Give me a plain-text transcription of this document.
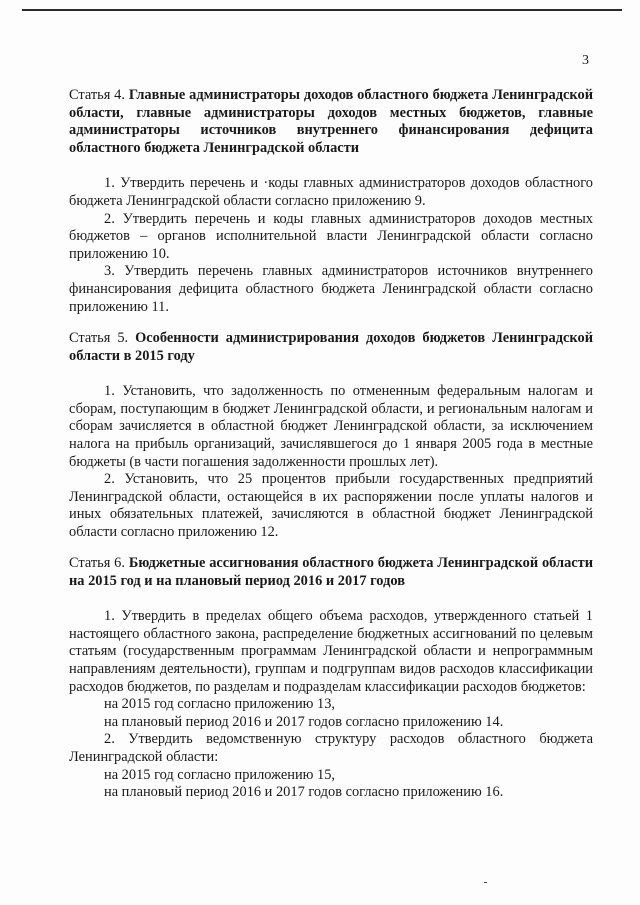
3
Статья 4. Главные администраторы доходов областного бюджета Ленинградской области, главные администраторы доходов местных бюджетов, главные администраторы источников внутреннего финансирования дефицита областного бюджета Ленинградской области

1. Утвердить перечень и ·коды главных администраторов доходов областного бюджета Ленинградской области согласно приложению 9.

2. Утвердить перечень и коды главных администраторов доходов местных бюджетов – органов исполнительной власти Ленинградской области согласно приложению 10.

3. Утвердить перечень главных администраторов источников внутреннего финансирования дефицита областного бюджета Ленинградской области согласно приложению 11.

Статья 5. Особенности администрирования доходов бюджетов Ленинградской области в 2015 году

1. Установить, что задолженность по отмененным федеральным налогам и сборам, поступающим в бюджет Ленинградской области, и региональным налогам и сборам зачисляется в областной бюджет Ленинградской области, за исключением налога на прибыль организаций, зачислявшегося до 1 января 2005 года в местные бюджеты (в части погашения задолженности прошлых лет).

2. Установить, что 25 процентов прибыли государственных предприятий Ленинградской области, остающейся в их распоряжении после уплаты налогов и иных обязательных платежей, зачисляются в областной бюджет Ленинградской области согласно приложению 12.

Статья 6. Бюджетные ассигнования областного бюджета Ленинградской области на 2015 год и на плановый период 2016 и 2017 годов

1. Утвердить в пределах общего объема расходов, утвержденного статьей 1 настоящего областного закона, распределение бюджетных ассигнований по целевым статьям (государственным программам Ленинградской области и непрограммным направлениям деятельности), группам и подгруппам видов расходов классификации расходов бюджетов, по разделам и подразделам классификации расходов бюджетов:

на 2015 год согласно приложению 13,

на плановый период 2016 и 2017 годов согласно приложению 14.

2. Утвердить ведомственную структуру расходов областного бюджета Ленинградской области:

на 2015 год согласно приложению 15,

на плановый период 2016 и 2017 годов согласно приложению 16.
